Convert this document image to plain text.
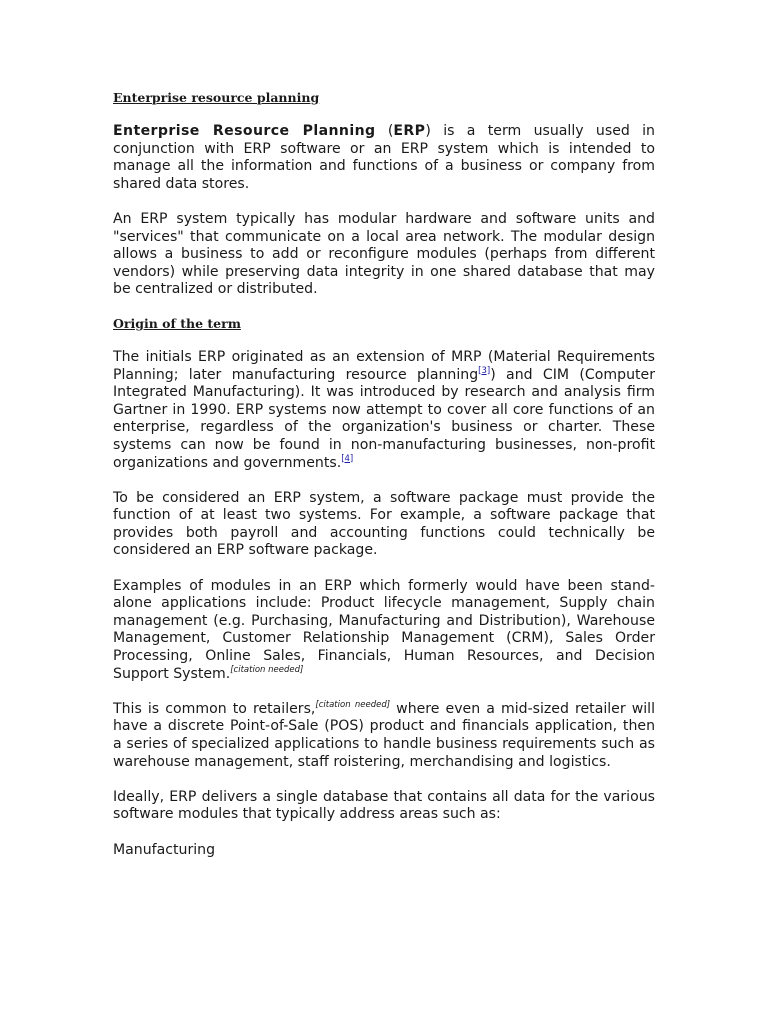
Enterprise resource planning

Enterprise Resource Planning (ERP) is a term usually used in conjunction with ERP software or an ERP system which is intended to manage all the information and functions of a business or company from shared data stores.

An ERP system typically has modular hardware and software units and "services" that communicate on a local area network. The modular design allows a business to add or reconfigure modules (perhaps from different vendors) while preserving data integrity in one shared database that may be centralized or distributed.

Origin of the term

The initials ERP originated as an extension of MRP (Material Requirements Planning; later manufacturing resource planning[3]) and CIM (Computer Integrated Manufacturing). It was introduced by research and analysis firm Gartner in 1990. ERP systems now attempt to cover all core functions of an enterprise, regardless of the organization's business or charter. These systems can now be found in non-manufacturing businesses, non-profit organizations and governments.[4]

To be considered an ERP system, a software package must provide the function of at least two systems. For example, a software package that provides both payroll and accounting functions could technically be considered an ERP software package.

Examples of modules in an ERP which formerly would have been stand-alone applications include: Product lifecycle management, Supply chain management (e.g. Purchasing, Manufacturing and Distribution), Warehouse Management, Customer Relationship Management (CRM), Sales Order Processing, Online Sales, Financials, Human Resources, and Decision Support System.[citation needed]

This is common to retailers,[citation needed] where even a mid-sized retailer will have a discrete Point-of-Sale (POS) product and financials application, then a series of specialized applications to handle business requirements such as warehouse management, staff roistering, merchandising and logistics.

Ideally, ERP delivers a single database that contains all data for the various software modules that typically address areas such as:

Manufacturing
